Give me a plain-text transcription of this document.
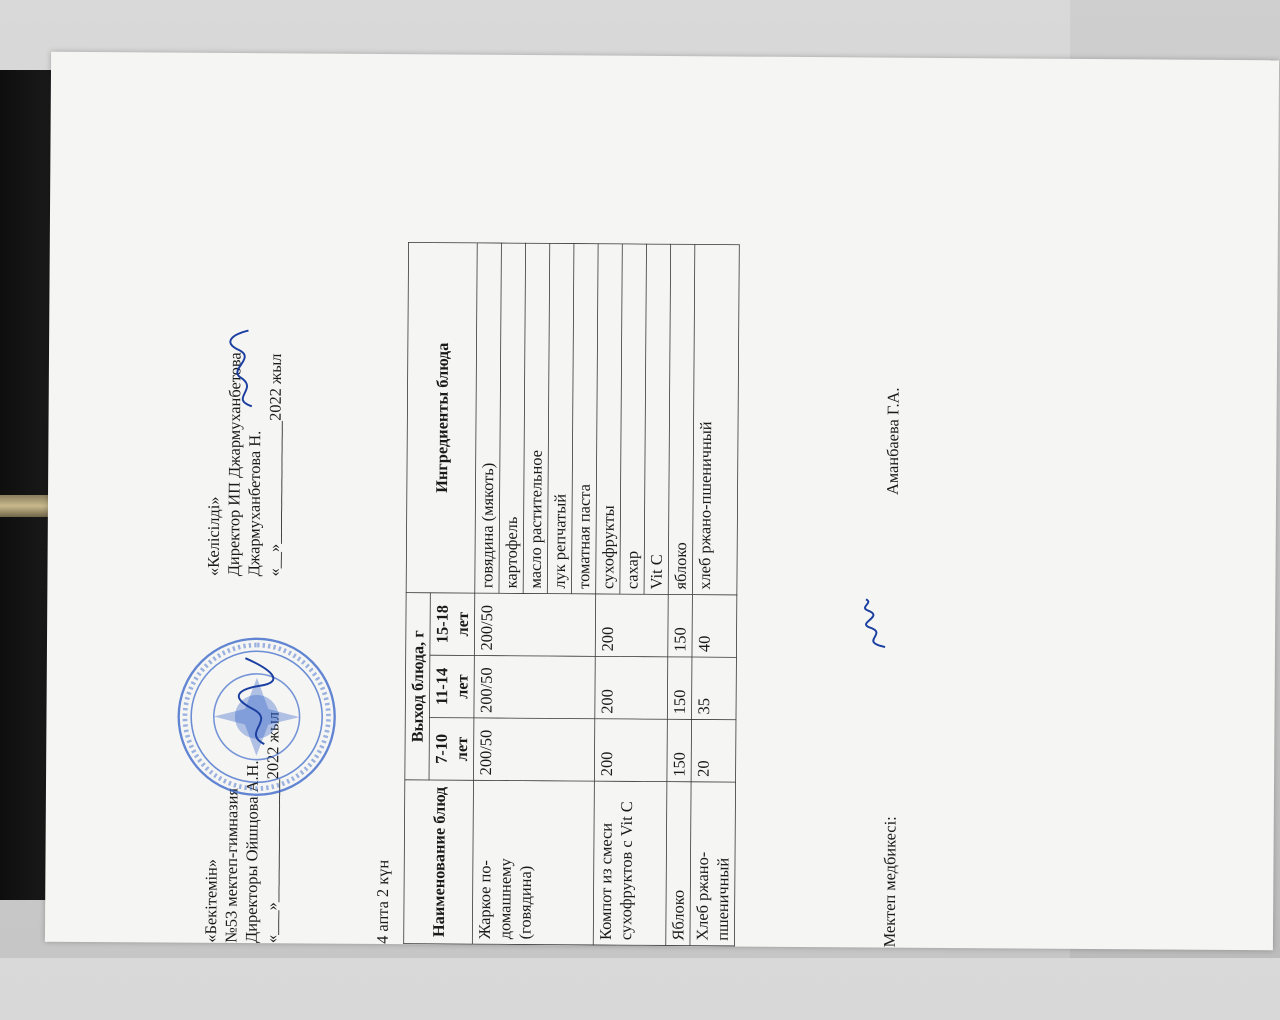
«Бекітемін» №53 мектеп-гимназия Директоры Ойшцова А.Н. «___»_______________2022 жыл
«Келісілді» Директор ИП Джармуханбетова Джармуханбетова Н. «__»_______________2022 жыл
4 апта 2 күн Наименование блюд	Выход блюда, г			Ингредиенты блюда
	7-10 лет	11-14 лет	15-18 лет	
Жаркое по-домашнему (говядина)	200/50	200/50	200/50	говядина (мякоть)
				картофель
				масло растительное
				лук репчатый
				томатная паста
Компот из смеси сухофруктов с Vit C	200	200	200	сухофрукты
				сахар
				Vit C
Яблоко	150	150	150	яблоко
Хлеб ржано-пшеничный	20	35	40	хлеб ржано-пшеничный
Мектеп медбикесі:
Аманбаева Г.А.
